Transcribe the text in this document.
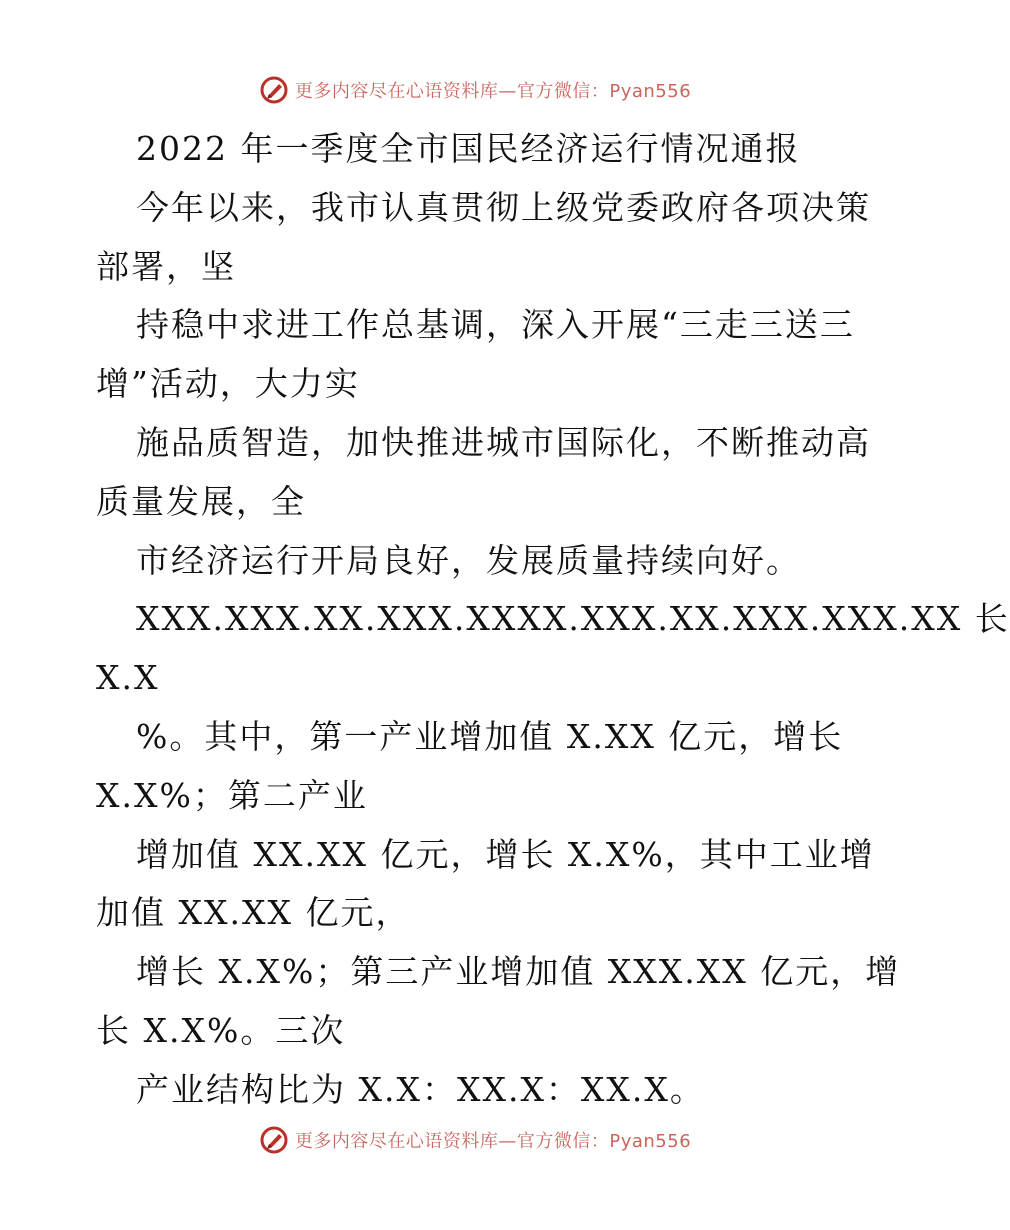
更多内容尽在心语资料库—官方微信：Pyan556
2022 年一季度全市国民经济运行情况通报
今年以来，我市认真贯彻上级党委政府各项决策
部署，坚
持稳中求进工作总基调，深入开展“三走三送三
增”活动，大力实
施品质智造，加快推进城市国际化，不断推动高
质量发展，全
市经济运行开局良好，发展质量持续向好。
XXX.XXX.XX.XXX.XXXX.XXX.XX.XXX.XXX.XX 长
X.X
%。其中，第一产业增加值 X.XX 亿元，增长
X.X%；第二产业
增加值 XX.XX 亿元，增长 X.X%，其中工业增
加值 XX.XX 亿元，
增长 X.X%；第三产业增加值 XXX.XX 亿元，增
长 X.X%。三次
产业结构比为 X.X：XX.X：XX.X。
更多内容尽在心语资料库—官方微信：Pyan556
